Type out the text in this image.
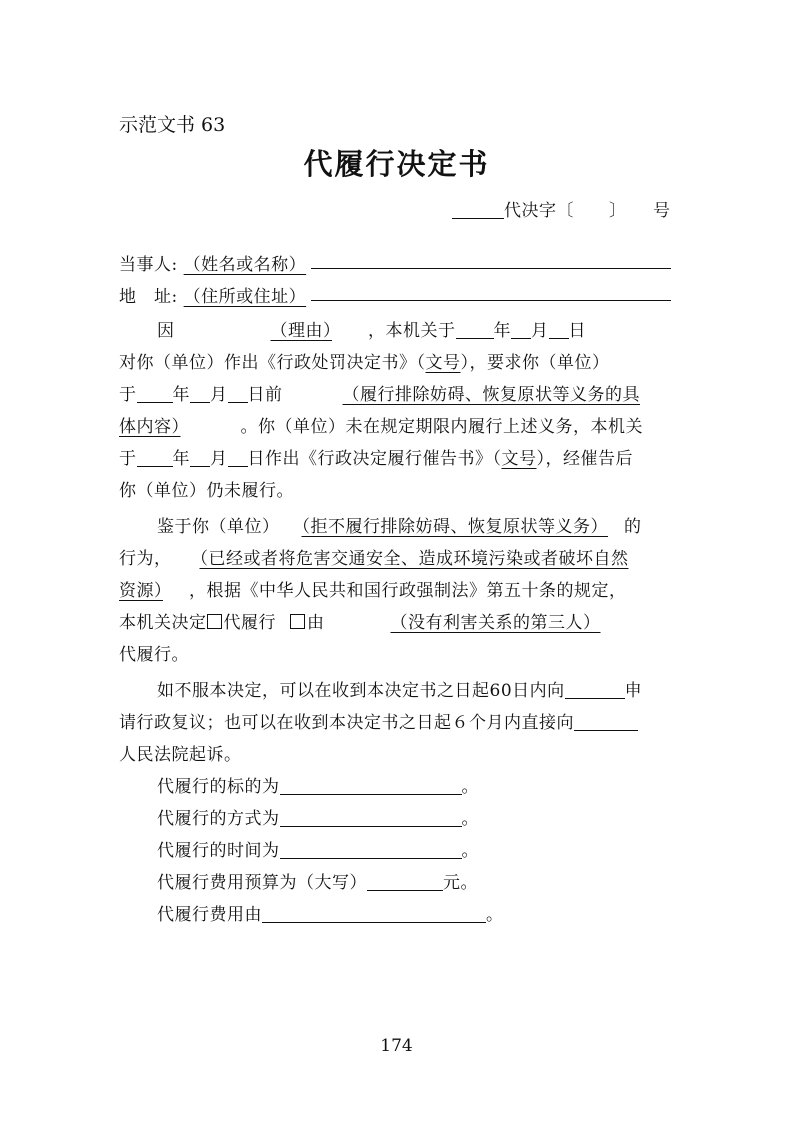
示范文书 63
代履行决定书
代决字〔　　〕　　号
当事人: （姓名或名称）
地　址: （住所或住址）
因	（理由） ，本机关于 年 月 日
对你（单位）作出《行政处罚决定书》（文号），要求你（单位）
于 年 月 日前	（履行排除妨碍、恢复原状等义务的具
体内容）	。你（单位）未在规定期限内履行上述义务，本机关
于 年 月 日作出《行政决定履行催告书》（文号），经催告后
你（单位）仍未履行。
鉴于你（单位） （拒不履行排除妨碍、恢复原状等义务） 的
行为， （已经或者将危害交通安全、造成环境污染或者破坏自然
资源） ，根据《中华人民共和国行政强制法》第五十条的规定，
本机关决定 代履行 由	（没有利害关系的第三人）
代履行。
如不服本决定，可以在收到本决定书之日起60日内向	申
请行政复议；也可以在收到本决定书之日起６个月内直接向
人民法院起诉。
代履行的标的为	。
代履行的方式为	。
代履行的时间为	。
代履行费用预算为（大写）	元。
代履行费用由	。
174
